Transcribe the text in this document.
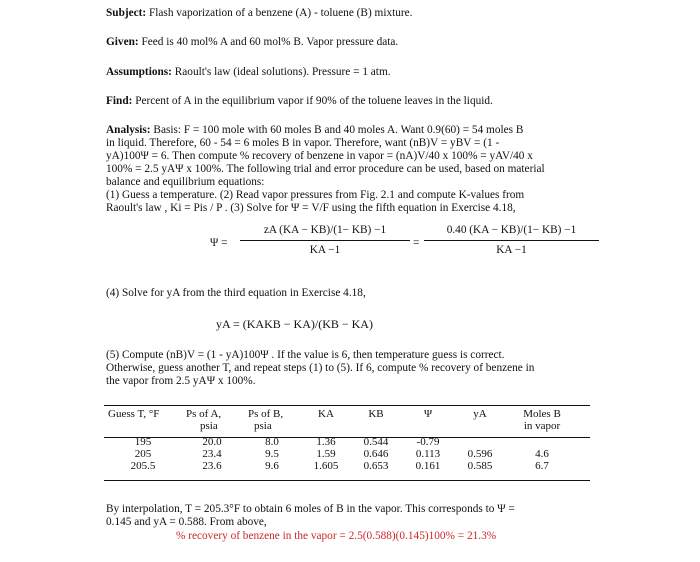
Subject: Flash vaporization of a benzene (A) - toluene (B) mixture.
Given: Feed is 40 mol% A and 60 mol% B. Vapor pressure data.
Assumptions: Raoult's law (ideal solutions). Pressure = 1 atm.
Find: Percent of A in the equilibrium vapor if 90% of the toluene leaves in the liquid.
Analysis: Basis: F = 100 mole with 60 moles B and 40 moles A. Want 0.9(60) = 54 moles B
in liquid. Therefore, 60 - 54 = 6 moles B in vapor. Therefore, want (nB)V = yBV = (1 -
yA)100Ψ = 6. Then compute % recovery of benzene in vapor = (nA)V/40 x 100% = yAV/40 x
100% = 2.5 yAΨ x 100%. The following trial and error procedure can be used, based on material
balance and equilibrium equations:
(1) Guess a temperature. (2) Read vapor pressures from Fig. 2.1 and compute K-values from
Raoult's law , Ki = Pis / P . (3) Solve for Ψ = V/F using the fifth equation in Exercise 4.18,
Ψ =
zA (KA − KB)/(1− KB) −1
KA −1
=
0.40 (KA − KB)/(1− KB) −1
KA −1
(4) Solve for yA from the third equation in Exercise 4.18,
yA = (KAKB − KA)/(KB − KA)
(5) Compute (nB)V = (1 - yA)100Ψ . If the value is 6, then temperature guess is correct.
Otherwise, guess another T, and repeat steps (1) to (5). If 6, compute % recovery of benzene in
the vapor from 2.5 yAΨ x 100%.
Guess T, °F	Ps of A,	Ps of B,	KA	KB	Ψ	yA	Moles B
	psia	psia					in vapor

195	20.0	8.0	1.36	0.544	-0.79		
205	23.4	9.5	1.59	0.646	0.113	0.596	4.6
205.5	23.6	9.6	1.605	0.653	0.161	0.585	6.7
By interpolation, T = 205.3°F to obtain 6 moles of B in the vapor. This corresponds to Ψ =
0.145 and yA = 0.588. From above,
% recovery of benzene in the vapor = 2.5(0.588)(0.145)100% = 21.3%
